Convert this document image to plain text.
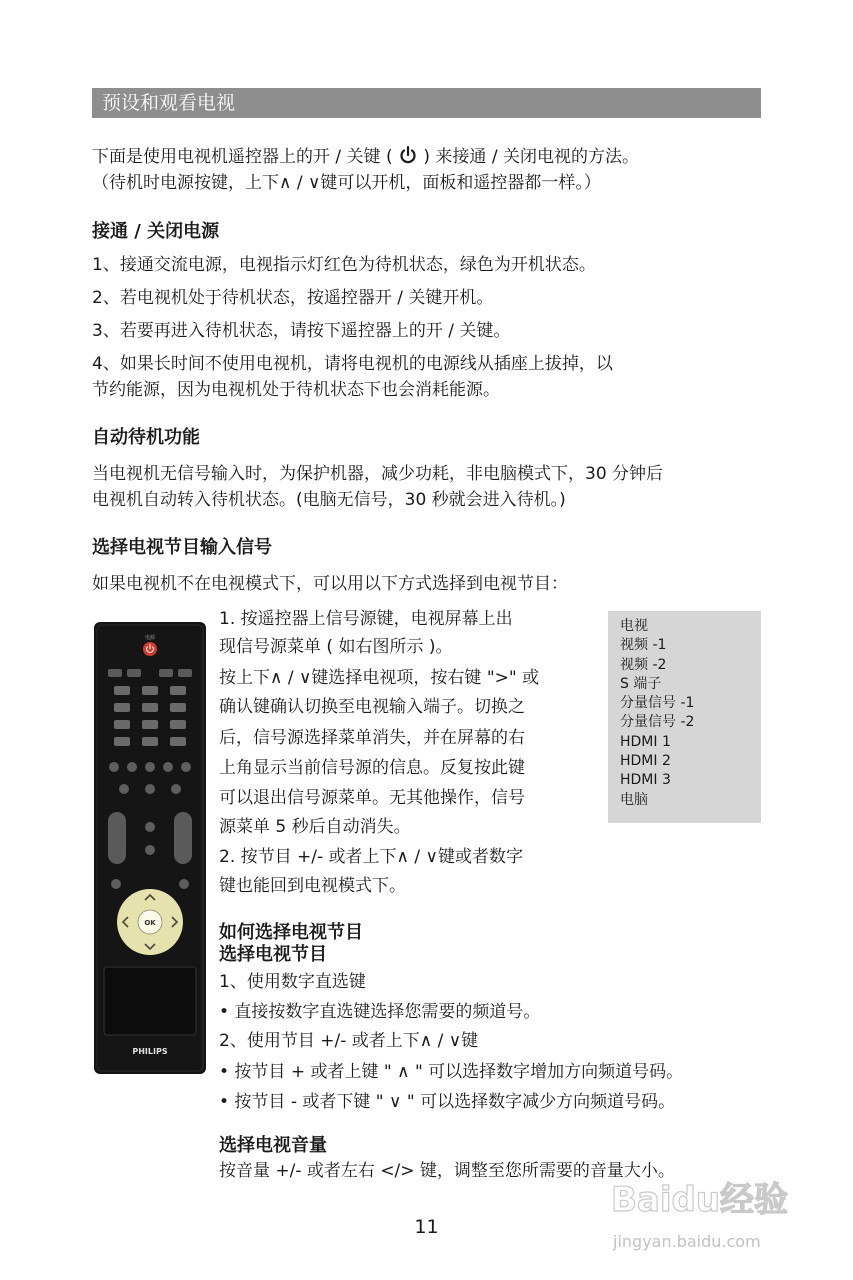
预设和观看电视
下面是使用电视机遥控器上的开 / 关键 ( ) 来接通 / 关闭电视的方法。
（待机时电源按键，上下∧ / ∨键可以开机，面板和遥控器都一样。）
接通 / 关闭电源
1、接通交流电源，电视指示灯红色为待机状态，绿色为开机状态。
2、若电视机处于待机状态，按遥控器开 / 关键开机。
3、若要再进入待机状态，请按下遥控器上的开 / 关键。
4、如果长时间不使用电视机，请将电视机的电源线从插座上拔掉，以
节约能源，因为电视机处于待机状态下也会消耗能源。
自动待机功能
当电视机无信号输入时，为保护机器，减少功耗，非电脑模式下，30 分钟后
电视机自动转入待机状态。(电脑无信号，30 秒就会进入待机。)
选择电视节目输入信号
如果电视机不在电视模式下，可以用以下方式选择到电视节目：
1. 按遥控器上信号源键，电视屏幕上出
现信号源菜单 ( 如右图所示 )。
按上下∧ / ∨键选择电视项，按右键 ">" 或
确认键确认切换至电视输入端子。切换之
后，信号源选择菜单消失，并在屏幕的右
上角显示当前信号源的信息。反复按此键
可以退出信号源菜单。无其他操作，信号
源菜单 5 秒后自动消失。
2. 按节目 +/- 或者上下∧ / ∨键或者数字
键也能回到电视模式下。
电视
视频 -1
视频 -2
S 端子
分量信号 -1
分量信号 -2
HDMI 1
HDMI 2
HDMI 3
电脑
电源
OK
PHILIPS
如何选择电视节目
选择电视节目
1、使用数字直选键
• 直接按数字直选键选择您需要的频道号。
2、使用节目 +/- 或者上下∧ / ∨键
• 按节目 + 或者上键 " ∧ " 可以选择数字增加方向频道号码。
• 按节目 - 或者下键 " ∨ " 可以选择数字减少方向频道号码。
选择电视音量
按音量 +/- 或者左右 </> 键，调整至您所需要的音量大小。
Baidu经验
jingyan.baidu.com
11
